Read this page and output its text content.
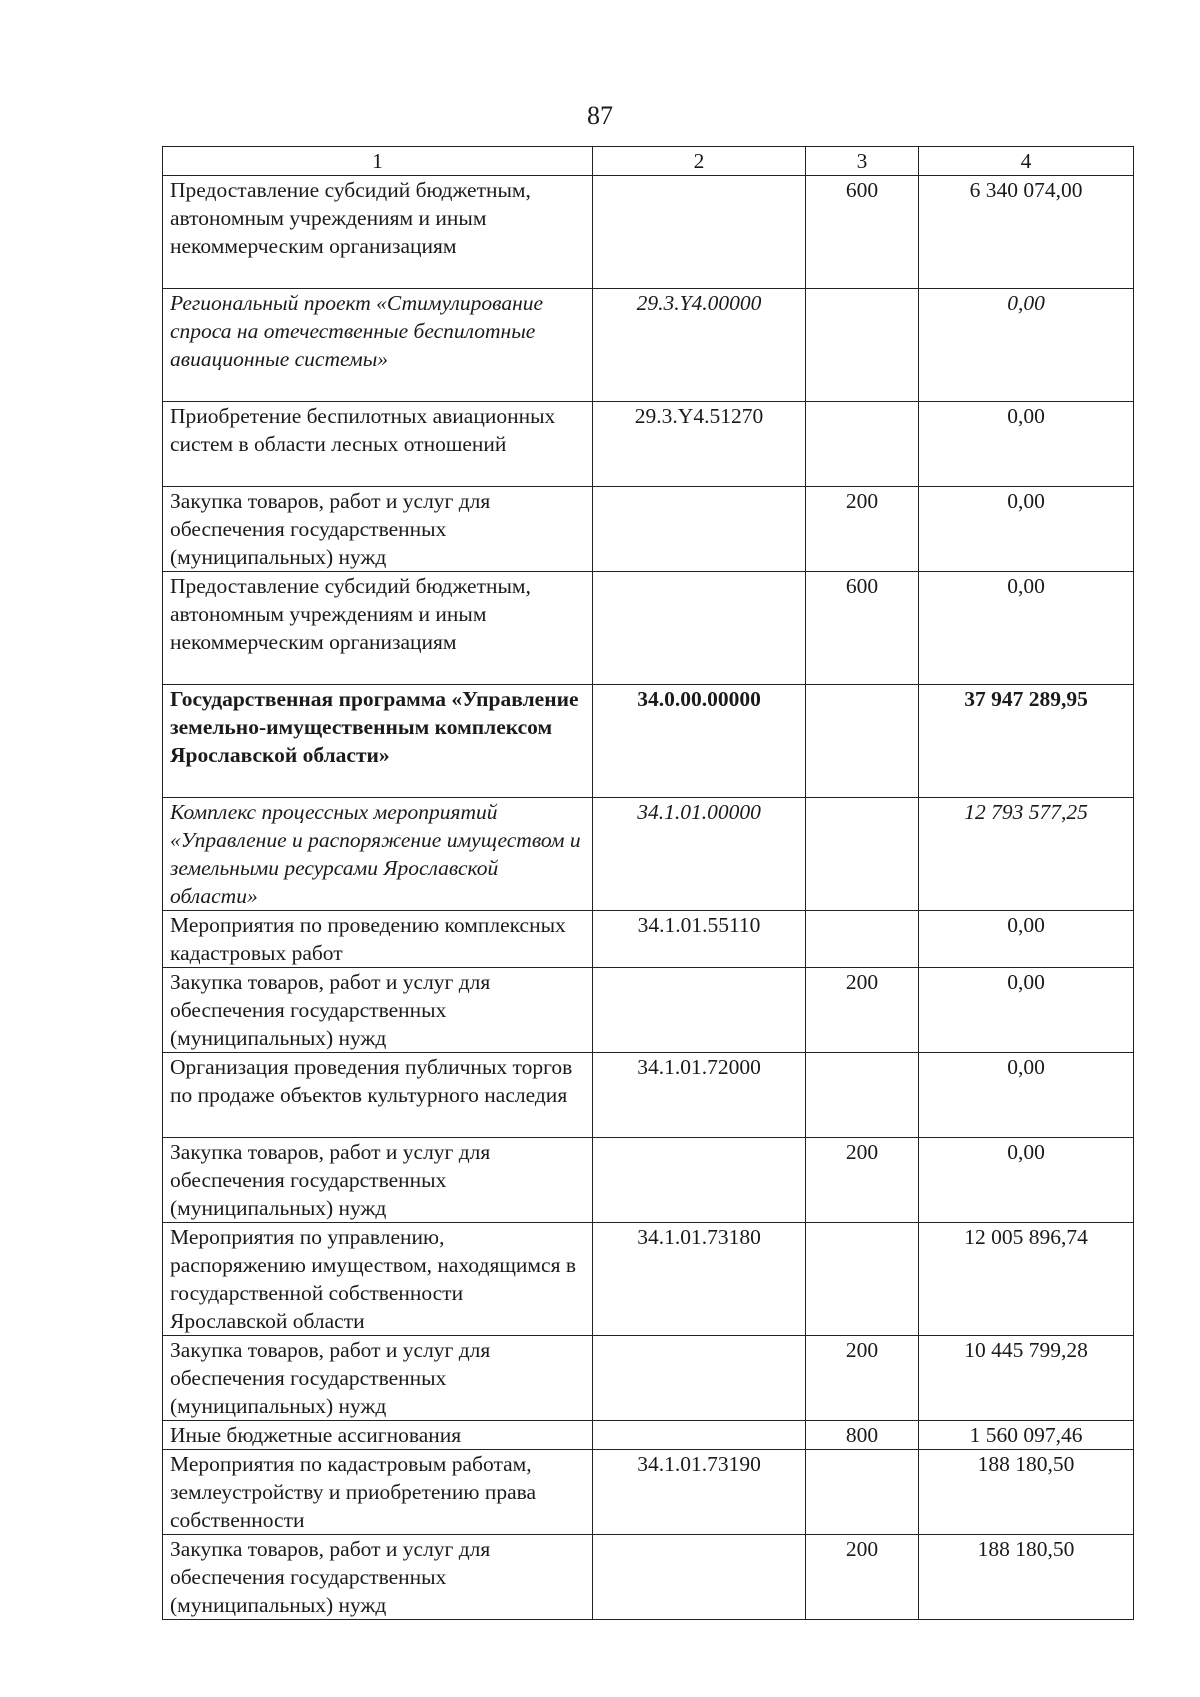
87
1	2	3	4
Предоставление субсидий бюджетным, автономным учреждениям и иным некоммерческим организациям		600	6 340 074,00
Региональный проект «Стимулирование спроса на отечественные беспилотные авиационные системы»	29.3.Y4.00000		0,00
Приобретение беспилотных авиационных систем в области лесных отношений	29.3.Y4.51270		0,00
Закупка товаров, работ и услуг для обеспечения государственных (муниципальных) нужд		200	0,00
Предоставление субсидий бюджетным, автономным учреждениям и иным некоммерческим организациям		600	0,00
Государственная программа «Управление земельно-имущественным комплексом Ярославской области»	34.0.00.00000		37 947 289,95
Комплекс процессных мероприятий «Управление и распоряжение имуществом и земельными ресурсами Ярославской области»	34.1.01.00000		12 793 577,25
Мероприятия по проведению комплексных кадастровых работ	34.1.01.55110		0,00
Закупка товаров, работ и услуг для обеспечения государственных (муниципальных) нужд		200	0,00
Организация проведения публичных торгов по продаже объектов культурного наследия	34.1.01.72000		0,00
Закупка товаров, работ и услуг для обеспечения государственных (муниципальных) нужд		200	0,00
Мероприятия по управлению, распоряжению имуществом, находящимся в государственной собственности Ярославской области	34.1.01.73180		12 005 896,74
Закупка товаров, работ и услуг для обеспечения государственных (муниципальных) нужд		200	10 445 799,28
Иные бюджетные ассигнования		800	1 560 097,46
Мероприятия по кадастровым работам, землеустройству и приобретению права собственности	34.1.01.73190		188 180,50
Закупка товаров, работ и услуг для обеспечения государственных (муниципальных) нужд		200	188 180,50
